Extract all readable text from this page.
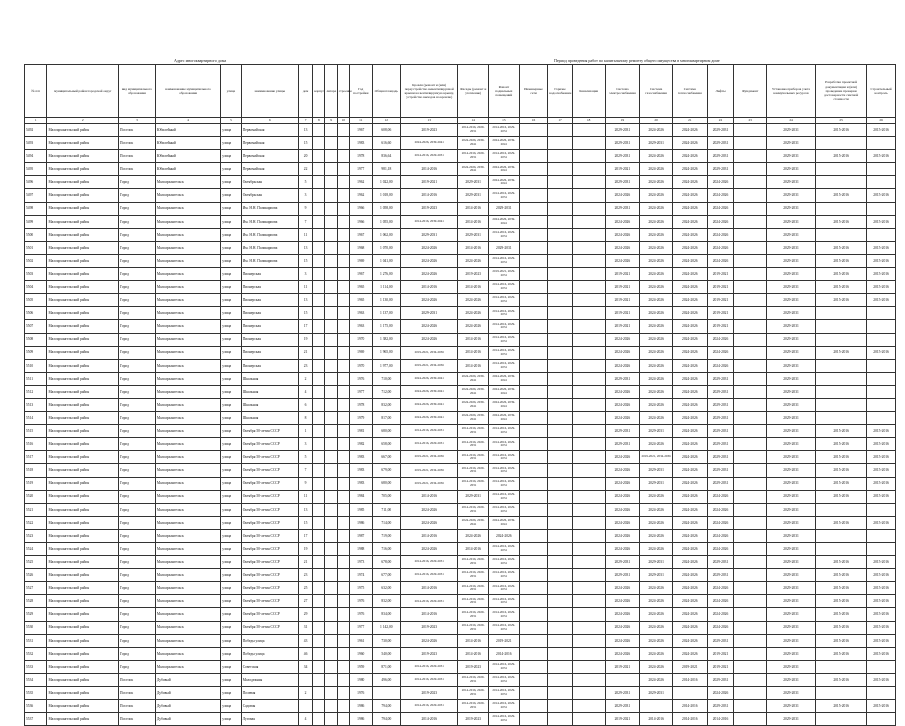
Адрес многоквартирного дома	Период проведения работ по капитальному ремонту общего имущества в многоквартирном доме
№ п/п	муниципальный район/городской округ	вид муниципального образования	наименование муниципального образования	улица	наименование улицы	дом	корпус	литера	строение	Год постройки	Общая площадь	Кровля (ремонт и (или) переустройство невентилируемой крыши на вентилируемую крышу, устройство выходов на кровлю)	Фасады (ремонт и утепление)	Ремонт подвальных помещений	Инженерные сети	Горячее водоснабжение	Канализация	Система электроснабжения	Система газоснабжения	Система теплоснабжения	Лифты	Фундамент	Установка приборов учета коммунальных ресурсов	Разработка проектной документации и (или) проведение проверки достоверности сметной стоимости	Строительный контроль
1	2	3	4	5	6	7	8	9	10	11	12	13	14	15	16	17	18	19	20	21	22	23	24	25	26
5492	Малоархангельский район	Поселок	Юбилейный	улица	Первомайская	13				1967	608,06	2019-2023	2014-2016, 2029-2031	2014-2016, 2029-2031				2029-2031	2024-2026	2024-2026	2029-2031		2029-2031	2015-2016	2015-2016
5493	Малоархангельский район	Поселок	Юбилейный	улица	Первомайская	15				1983	616,60	2024-2026, 2039-2041	2024-2026, 2039-2041	2024-2026, 2039-2041				2029-2031	2029-2031	2024-2026	2029-2031		2029-2031		
5494	Малоархангельский район	Поселок	Юбилейный	улица	Первомайская	20				1978	836,64	2014-2016, 2029-2031	2014-2016, 2029-2031	2014-2016, 2029-2031				2029-2031	2024-2026	2024-2026	2029-2031		2029-2031	2015-2016	2015-2016
5495	Малоархангельский район	Поселок	Юбилейный	улица	Первомайская	22				1977	981,18	2014-2016	2024-2026, 2039-2041	2024-2026, 2039-2041				2019-2021	2024-2026	2024-2026	2029-2031		2029-2031		
5496	Малоархангельский район	Город	Малоархангельск	улица	Октябрьская	5				1962	1 022,00	2019-2021	2029-2031	2024-2026, 2039-2041				2029-2031	2024-2026	2024-2026	2024-2026		2029-2031		
5497	Малоархангельский район	Город	Малоархангельск	улица	Октябрьская	3				1962	1 018,00	2014-2016	2029-2031	2014-2016, 2029-2031				2024-2026	2024-2026	2024-2026	2024-2026		2029-2031	2015-2016	2015-2016
5498	Малоархангельский район	Город	Малоархангельск	улица	Им. Н.Н. Поликарпова	9				1966	1 058,00	2019-2023	2014-2016	2029-2031				2029-2031	2024-2026	2024-2026	2024-2026		2029-2031		
5499	Малоархангельский район	Город	Малоархангельск	улица	Им. Н.Н. Поликарпова	7				1966	1 055,00	2014-2016, 2039-2041	2014-2016	2024-2026, 2039-2041				2024-2026	2024-2026	2024-2026	2024-2026		2029-2031	2015-2016	2015-2016
5500	Малоархангельский район	Город	Малоархангельск	улица	Им. Н.Н. Поликарпова	11				1967	1 062,00	2029-2031	2029-2031	2014-2016, 2029-2031				2024-2026	2024-2026	2024-2026	2024-2026		2029-2031		
5501	Малоархангельский район	Город	Малоархангельск	улица	Им. Н.Н. Поликарпова	13				1968	1 070,00	2024-2026	2014-2016	2029-2031				2024-2026	2024-2026	2024-2026	2024-2026		2029-2031	2015-2016	2015-2016
5502	Малоархангельский район	Город	Малоархангельск	улица	Им. Н.Н. Поликарпова	15				1969	1 041,00	2024-2026	2024-2026	2014-2016, 2029-2031				2024-2026	2024-2026	2024-2026	2024-2026		2029-2031	2015-2016	2015-2016
5503	Малоархангельский район	Город	Малоархангельск	улица	Пионерская	3				1967	1 276,00	2024-2026	2019-2023	2019-2021, 2029-2031				2019-2021	2024-2026	2024-2026	2019-2021		2029-2031	2015-2016	2015-2016
5504	Малоархангельский район	Город	Малоархангельск	улица	Пионерская	11				1965	1 114,00	2014-2016	2014-2016	2014-2016, 2029-2031				2019-2021	2024-2026	2024-2026	2019-2021		2029-2031	2015-2016	2015-2016
5505	Малоархангельский район	Город	Малоархангельск	улица	Пионерская	13				1965	1 130,00	2024-2026	2024-2026	2014-2016, 2029-2031				2019-2021	2024-2026	2024-2026	2019-2021		2029-2031	2015-2016	2015-2016
5506	Малоархангельский район	Город	Малоархангельск	улица	Пионерская	15				1963	1 137,00	2029-2031	2024-2026	2014-2016, 2029-2031				2019-2021	2024-2026	2024-2026	2019-2021		2029-2031		
5507	Малоархангельский район	Город	Малоархангельск	улица	Пионерская	17				1963	1 175,00	2024-2026	2024-2026	2014-2016, 2029-2031				2019-2021	2024-2026	2024-2026	2019-2021		2029-2031		
5508	Малоархангельский район	Город	Малоархангельск	улица	Пионерская	19				1970	1 382,00	2024-2026	2014-2016	2014-2016, 2029-2031				2024-2026	2024-2026	2024-2026	2024-2026		2029-2031		
5509	Малоархангельский район	Город	Малоархангельск	улица	Пионерская	21				1969	1 965,00	2019-2021, 2034-2036	2014-2016	2014-2016, 2029-2031				2024-2026	2024-2026	2024-2026	2024-2026		2029-2031	2015-2016	2015-2016
5510	Малоархангельский район	Город	Малоархангельск	улица	Пионерская	23				1970	1 977,00	2019-2021, 2034-2036	2014-2016	2014-2016, 2029-2031				2024-2026	2024-2026	2024-2026	2024-2026		2029-2031		
5511	Малоархангельский район	Город	Малоархангельск	улица	Школьная	2				1976	710,00	2024-2026, 2039-2041	2024-2026, 2039-2041	2024-2026, 2039-2041				2029-2031	2024-2026	2024-2026	2029-2031		2029-2031		
5512	Малоархангельский район	Город	Малоархангельск	улица	Школьная	4				1977	712,00	2024-2026, 2039-2041	2024-2026, 2039-2041	2024-2026, 2039-2041				2024-2026	2024-2026	2024-2026	2029-2031		2029-2031		
5513	Малоархангельский район	Город	Малоархангельск	улица	Школьная	6				1978	832,00	2024-2026, 2039-2041	2024-2026, 2039-2041	2024-2026, 2039-2041				2024-2026	2024-2026	2024-2026	2029-2031		2029-2031		
5514	Малоархангельский район	Город	Малоархангельск	улица	Школьная	8				1979	817,00	2024-2026, 2039-2041	2024-2026, 2039-2041	2024-2026, 2039-2041				2024-2026	2024-2026	2024-2026	2029-2031		2029-2031		
5515	Малоархангельский район	Город	Малоархангельск	улица	Октября 50-летия СССР	1				1981	680,00	2014-2016, 2029-2031	2014-2016, 2029-2031	2014-2016, 2029-2031				2029-2031	2029-2031	2024-2026	2029-2031		2029-2031	2015-2016	2015-2016
5516	Малоархангельский район	Город	Малоархангельск	улица	Октября 50-летия СССР	3				1982	658,00	2014-2016, 2029-2031	2014-2016, 2029-2031	2014-2016, 2029-2031				2029-2031	2024-2026	2024-2026	2029-2031		2029-2031	2015-2016	2015-2016
5517	Малоархангельский район	Город	Малоархангельск	улица	Октября 50-летия СССР	5				1983	667,00	2019-2021, 2034-2036	2014-2016, 2029-2031	2014-2016, 2029-2031				2024-2026	2019-2021, 2034-2036	2024-2026	2029-2031		2029-2031	2015-2016	2015-2016
5518	Малоархангельский район	Город	Малоархангельск	улица	Октября 50-летия СССР	7				1983	679,00	2019-2021, 2034-2036	2014-2016, 2029-2031	2014-2016, 2029-2031				2024-2026	2029-2031	2024-2026	2029-2031		2029-2031	2015-2016	2015-2016
5519	Малоархангельский район	Город	Малоархангельск	улица	Октября 50-летия СССР	9				1983	680,00	2019-2021, 2034-2036	2014-2016, 2029-2031	2014-2016, 2029-2031				2024-2026	2029-2031	2024-2026	2029-2031		2029-2031	2015-2016	2015-2016
5520	Малоархангельский район	Город	Малоархангельск	улица	Октября 50-летия СССР	11				1984	705,00	2014-2016	2029-2031	2014-2016, 2029-2031				2024-2026	2024-2026	2024-2026	2024-2026		2029-2031	2015-2016	2015-2016
5521	Малоархангельский район	Город	Малоархангельск	улица	Октября 50-летия СССР	13				1985	711,00	2024-2026	2014-2016, 2029-2031	2014-2016, 2029-2031				2024-2026	2024-2026	2024-2026	2024-2026		2029-2031		
5522	Малоархангельский район	Город	Малоархангельск	улица	Октября 50-летия СССР	15				1986	714,00	2024-2026	2024-2026, 2039-2041	2024-2026, 2039-2041				2024-2026	2024-2026	2024-2026	2024-2026		2029-2031	2015-2016	2015-2016
5523	Малоархангельский район	Город	Малоархангельск	улица	Октября 50-летия СССР	17				1987	719,00	2014-2016	2024-2026	2024-2026				2024-2026	2024-2026	2024-2026	2024-2026		2029-2031		
5524	Малоархангельский район	Город	Малоархангельск	улица	Октября 50-летия СССР	19				1988	716,00	2024-2026	2014-2016	2014-2016, 2029-2031				2024-2026	2024-2026	2024-2026	2024-2026		2029-2031		
5525	Малоархангельский район	Город	Малоархангельск	улица	Октября 50-летия СССР	21				1973	678,00	2014-2016, 2029-2031	2014-2016, 2029-2031	2014-2016, 2029-2031				2029-2031	2029-2031	2024-2026	2029-2031		2029-2031	2015-2016	2015-2016
5526	Малоархангельский район	Город	Малоархангельск	улица	Октября 50-летия СССР	23				1974	677,00	2014-2016, 2029-2031	2014-2016, 2029-2031	2014-2016, 2029-2031				2029-2031	2029-2031	2024-2026	2029-2031		2029-2031	2015-2016	2015-2016
5527	Малоархангельский район	Город	Малоархангельск	улица	Октября 50-летия СССР	25				1975	632,00	2014-2016	2014-2016, 2029-2031	2014-2016, 2029-2031				2024-2026	2024-2026	2024-2026	2024-2026		2029-2031	2015-2016	2015-2016
5528	Малоархангельский район	Город	Малоархангельск	улица	Октября 50-летия СССР	27				1976	832,00	2014-2016, 2029-2031	2014-2016, 2029-2031	2014-2016, 2029-2031				2024-2026	2024-2026	2024-2026	2024-2026		2029-2031	2015-2016	2015-2016
5529	Малоархангельский район	Город	Малоархангельск	улица	Октября 50-летия СССР	29				1976	834,00	2014-2016	2014-2016, 2029-2031	2014-2016, 2029-2031				2024-2026	2024-2026	2024-2026	2024-2026		2029-2031	2015-2016	2015-2016
5530	Малоархангельский район	Город	Малоархангельск	улица	Октября 50-летия СССР	31				1977	1 142,00	2019-2023	2014-2016, 2029-2031	2014-2016, 2029-2031				2024-2026	2024-2026	2024-2026	2024-2026		2029-2031	2015-2016	2015-2016
5531	Малоархангельский район	Город	Малоархангельск	улица	Победы улица	43				1961	730,00	2024-2026	2014-2016	2019-2021				2024-2026	2024-2026	2024-2026	2029-2031		2029-2031	2015-2016	2015-2016
5532	Малоархангельский район	Город	Малоархангельск	улица	Победы улица	46				1960	540,00	2019-2023	2014-2016	2014-2016				2024-2026	2024-2026	2024-2026	2019-2021		2029-2031	2015-2016	2015-2016
5533	Малоархангельский район	Город	Малоархангельск	улица	Советская	34				1959	871,00	2014-2016, 2029-2031	2019-2023	2014-2016, 2029-2031				2019-2021	2024-2026	2019-2021	2019-2021		2029-2031		
5534	Малоархангельский район	Поселок	Дубовый	улица	Молодежная					1980	496,00	2014-2016, 2029-2031	2014-2016, 2029-2031	2014-2016, 2029-2031					2024-2026	2014-2016	2029-2031		2029-2031	2015-2016	2015-2016
5535	Малоархангельский район	Поселок	Дубовый	улица	Полевая	2				1976		2019-2023	2014-2016, 2029-2031	2014-2016, 2029-2031				2029-2031	2029-2031		2024-2026		2029-2031		
5536	Малоархангельский район	Поселок	Дубовый	улица	Садовая					1986	794,00	2014-2016, 2029-2031	2014-2016, 2029-2031	2014-2016, 2029-2031				2029-2031		2014-2016	2029-2031		2029-2031	2015-2016	2015-2016
5537	Малоархангельский район	Поселок	Дубовый	улица	Луговая	4				1986	794,00	2014-2016	2019-2023	2014-2016, 2029-2031				2019-2021	2014-2016	2014-2016	2014-2016		2029-2031		
